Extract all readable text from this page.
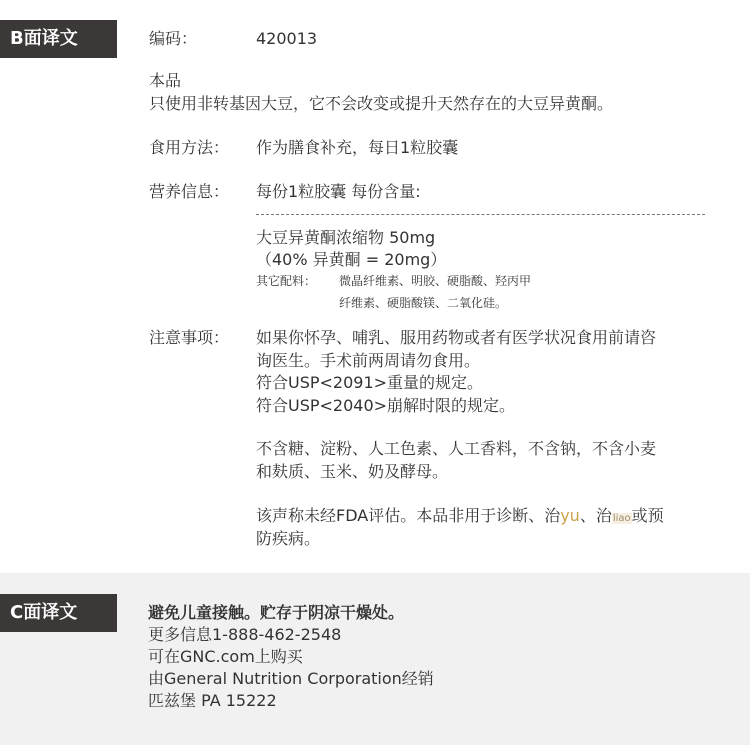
B面译文	编码：	420013
本品
只使用非转基因大豆，它不会改变或提升天然存在的大豆异黄酮。
食用方法： 作为膳食补充，每日1粒胶囊
营养信息： 每份1粒胶囊 每份含量:
大豆异黄酮浓缩物 50mg
（40% 异黄酮 = 20mg）
其它配料： 微晶纤维素、明胶、硬脂酸、羟丙甲
纤维素、硬脂酸镁、二氧化硅。
注意事项： 如果你怀孕、哺乳、服用药物或者有医学状况食用前请咨
询医生。手术前两周请勿食用。
符合USP<2091>重量的规定。
符合USP<2040>崩解时限的规定。
不含糖、淀粉、人工色素、人工香料，不含钠，不含小麦
和麸质、玉米、奶及酵母。
该声称未经FDA评估。本品非用于诊断、治yu、治liao或预
防疾病。
C面译文	避免儿童接触。贮存于阴凉干燥处。
更多信息1-888-462-2548
可在GNC.com上购买
由General Nutrition Corporation经销
匹兹堡 PA 15222
